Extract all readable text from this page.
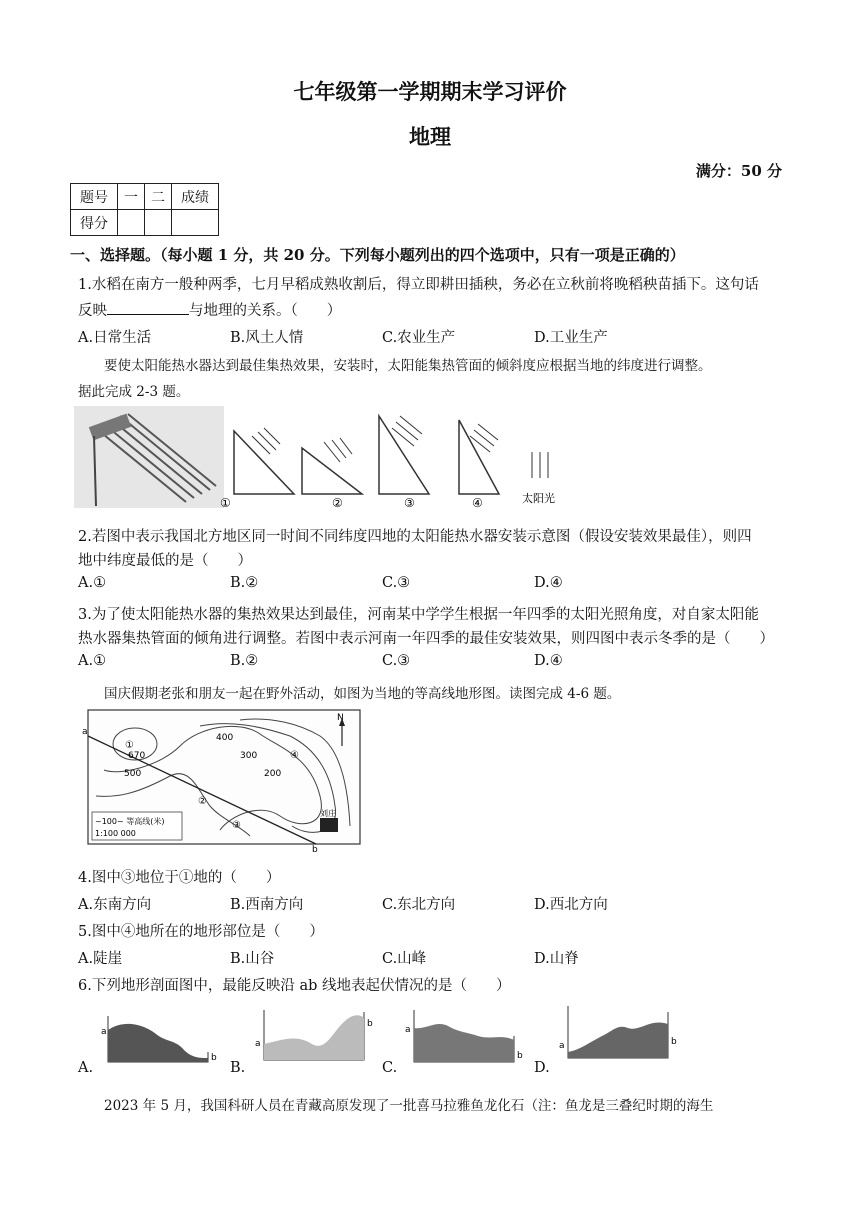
七年级第一学期期末学习评价
地理
满分：50 分
题号	一	二	成绩
得分			
一、选择题。（每小题 1 分，共 20 分。下列每小题列出的四个选项中，只有一项是正确的）
1.水稻在南方一般种两季，七月早稻成熟收割后，得立即耕田插秧，务必在立秋前将晚稻秧苗插下。这句话
反映	与地理的关系。（　　）
A.日常生活	B.风土人情	C.农业生产	D.工业生产
要使太阳能热水器达到最佳集热效果，安装时，太阳能集热管面的倾斜度应根据当地的纬度进行调整。
据此完成 2-3 题。
①	②	③	④	太阳光
2.若图中表示我国北方地区同一时间不同纬度四地的太阳能热水器安装示意图（假设安装效果最佳），则四
地中纬度最低的是（　　）
A.①	B.②	C.③	D.④
3.为了使太阳能热水器的集热效果达到最佳，河南某中学学生根据一年四季的太阳光照角度，对自家太阳能
热水器集热管面的倾角进行调整。若图中表示河南一年四季的最佳安装效果，则四图中表示冬季的是（　　）
A.①	B.②	C.③	D.④
国庆假期老张和朋友一起在野外活动，如图为当地的等高线地形图。读图完成 4-6 题。
N
①
670
400
300
200
500
④
②
③
刘庄
a
b
~100~ 等高线(米)
1:100 000
4.图中③地位于①地的（　　）
A.东南方向	B.西南方向	C.东北方向	D.西北方向
5.图中④地所在的地形部位是（　　）
A.陡崖	B.山谷	C.山峰	D.山脊
6.下列地形剖面图中，最能反映沿 ab 线地表起伏情况的是（　　）
A.
a
b
B.
a
b
C.
a
b
D.
a	b
2023 年 5 月，我国科研人员在青藏高原发现了一批喜马拉雅鱼龙化石（注：鱼龙是三叠纪时期的海生
